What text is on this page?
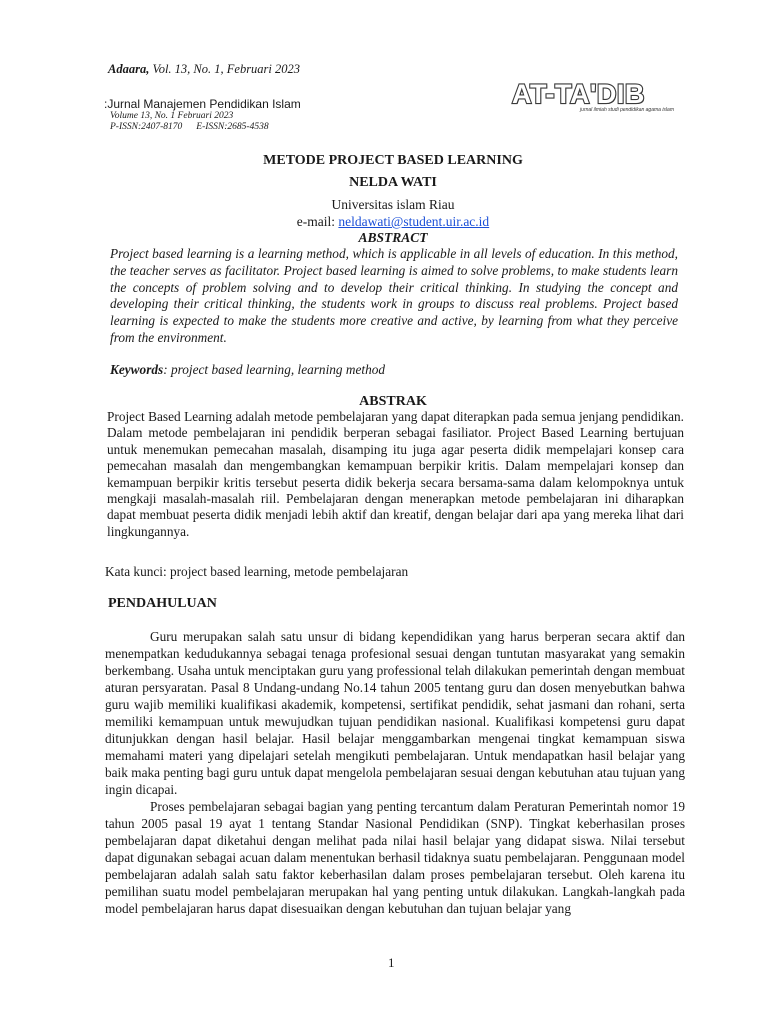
Adaara, Vol. 13, No. 1, Februari 2023
:Jurnal Manajemen Pendidikan Islam
Volume 13, No. 1 Februari 2023
P-ISSN:2407-8170 E-ISSN:2685-4538
AT-TA'DIB
jurnal ilmiah studi pendidikan agama islam
METODE PROJECT BASED LEARNING
NELDA WATI
Universitas islam Riau
e-mail: neldawati@student.uir.ac.id
ABSTRACT
Project based learning is a learning method, which is applicable in all levels of education. In this method, the teacher serves as facilitator. Project based learning is aimed to solve problems, to make students learn the concepts of problem solving and to develop their critical thinking. In studying the concept and developing their critical thinking, the students work in groups to discuss real problems. Project based learning is expected to make the students more creative and active, by learning from what they perceive from the environment.
Keywords: project based learning, learning method
ABSTRAK
Project Based Learning adalah metode pembelajaran yang dapat diterapkan pada semua jenjang pendidikan. Dalam metode pembelajaran ini pendidik berperan sebagai fasiliator. Project Based Learning bertujuan untuk menemukan pemecahan masalah, disamping itu juga agar peserta didik mempelajari konsep cara pemecahan masalah dan mengembangkan kemampuan berpikir kritis. Dalam mempelajari konsep dan kemampuan berpikir kritis tersebut peserta didik bekerja secara bersama-sama dalam kelompoknya untuk mengkaji masalah-masalah riil. Pembelajaran dengan menerapkan metode pembelajaran ini diharapkan dapat membuat peserta didik menjadi lebih aktif dan kreatif, dengan belajar dari apa yang mereka lihat dari lingkungannya.
Kata kunci: project based learning, metode pembelajaran
PENDAHULUAN

Guru merupakan salah satu unsur di bidang kependidikan yang harus berperan secara aktif dan menempatkan kedudukannya sebagai tenaga profesional sesuai dengan tuntutan masyarakat yang semakin berkembang. Usaha untuk menciptakan guru yang professional telah dilakukan pemerintah dengan membuat aturan persyaratan. Pasal 8 Undang-undang No.14 tahun 2005 tentang guru dan dosen menyebutkan bahwa guru wajib memiliki kualifikasi akademik, kompetensi, sertifikat pendidik, sehat jasmani dan rohani, serta memiliki kemampuan untuk mewujudkan tujuan pendidikan nasional. Kualifikasi kompetensi guru dapat ditunjukkan dengan hasil belajar. Hasil belajar menggambarkan mengenai tingkat kemampuan siswa memahami materi yang dipelajari setelah mengikuti pembelajaran. Untuk mendapatkan hasil belajar yang baik maka penting bagi guru untuk dapat mengelola pembelajaran sesuai dengan kebutuhan atau tujuan yang ingin dicapai.

Proses pembelajaran sebagai bagian yang penting tercantum dalam Peraturan Pemerintah nomor 19 tahun 2005 pasal 19 ayat 1 tentang Standar Nasional Pendidikan (SNP). Tingkat keberhasilan proses pembelajaran dapat diketahui dengan melihat pada nilai hasil belajar yang didapat siswa. Nilai tersebut dapat digunakan sebagai acuan dalam menentukan berhasil tidaknya suatu pembelajaran. Penggunaan model pembelajaran adalah salah satu faktor keberhasilan dalam proses pembelajaran tersebut. Oleh karena itu pemilihan suatu model pembelajaran merupakan hal yang penting untuk dilakukan. Langkah-langkah pada model pembelajaran harus dapat disesuaikan dengan kebutuhan dan tujuan belajar yang

1
